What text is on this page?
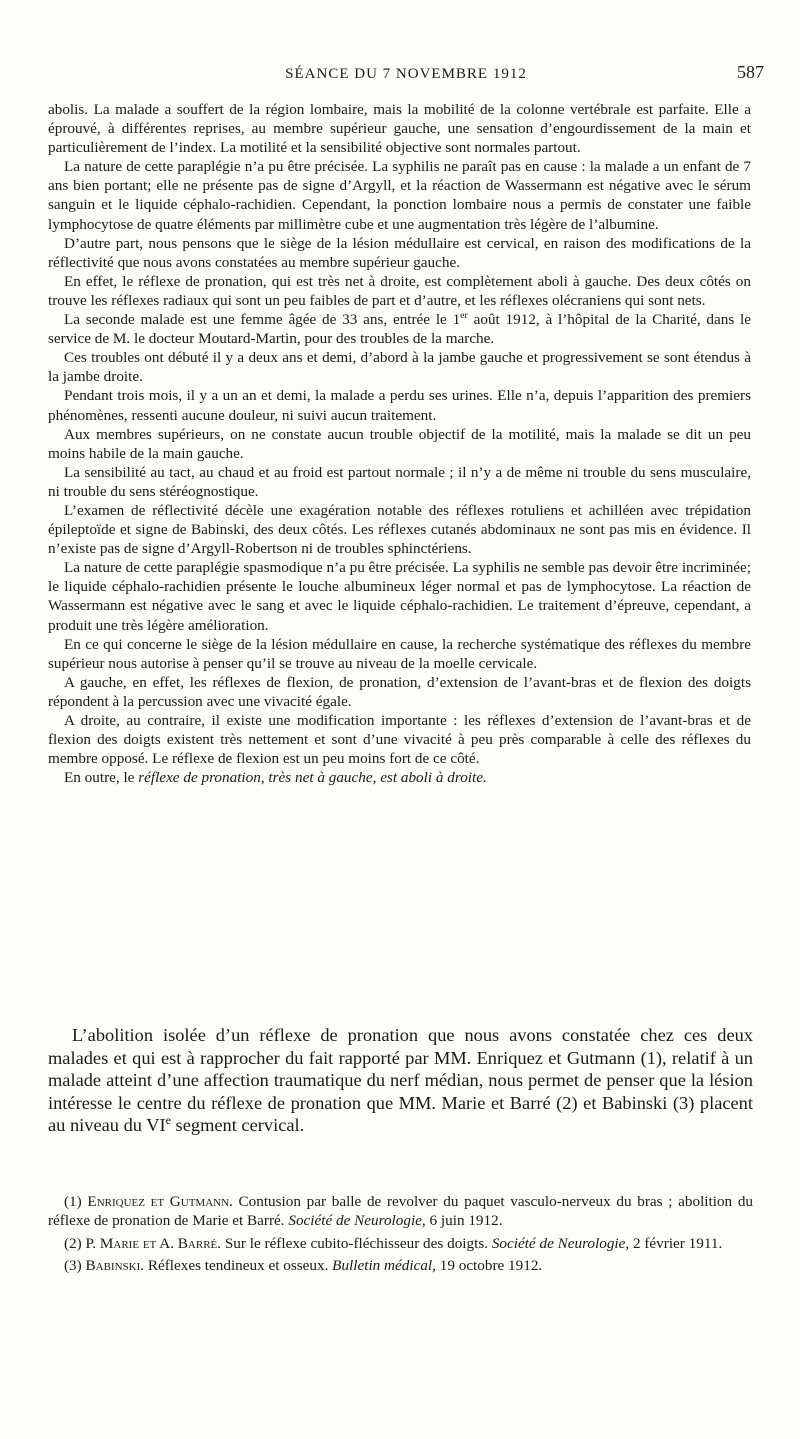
SÉANCE DU 7 NOVEMBRE 1912	587

abolis. La malade a souffert de la région lombaire, mais la mobilité de la colonne vertébrale est parfaite. Elle a éprouvé, à différentes reprises, au membre supérieur gauche, une sensation d’engourdissement de la main et particulièrement de l’index. La motilité et la sensibilité objective sont normales partout.

La nature de cette paraplégie n’a pu être précisée. La syphilis ne paraît pas en cause : la malade a un enfant de 7 ans bien portant; elle ne présente pas de signe d’Argyll, et la réaction de Wassermann est négative avec le sérum sanguin et le liquide céphalo-rachidien. Cependant, la ponction lombaire nous a permis de constater une faible lymphocytose de quatre éléments par millimètre cube et une augmentation très légère de l’albumine.

D’autre part, nous pensons que le siège de la lésion médullaire est cervical, en raison des modifications de la réflectivité que nous avons constatées au membre supérieur gauche.

En effet, le réflexe de pronation, qui est très net à droite, est complètement aboli à gauche. Des deux côtés on trouve les réflexes radiaux qui sont un peu faibles de part et d’autre, et les réflexes olécraniens qui sont nets.

La seconde malade est une femme âgée de 33 ans, entrée le 1er août 1912, à l’hôpital de la Charité, dans le service de M. le docteur Moutard-Martin, pour des troubles de la marche.

Ces troubles ont débuté il y a deux ans et demi, d’abord à la jambe gauche et progressivement se sont étendus à la jambe droite.

Pendant trois mois, il y a un an et demi, la malade a perdu ses urines. Elle n’a, depuis l’apparition des premiers phénomènes, ressenti aucune douleur, ni suivi aucun traitement.

Aux membres supérieurs, on ne constate aucun trouble objectif de la motilité, mais la malade se dit un peu moins habile de la main gauche.

La sensibilité au tact, au chaud et au froid est partout normale ; il n’y a de même ni trouble du sens musculaire, ni trouble du sens stéréognostique.

L’examen de réflectivité décèle une exagération notable des réflexes rotuliens et achilléen avec trépidation épileptoïde et signe de Babinski, des deux côtés. Les réflexes cutanés abdominaux ne sont pas mis en évidence. Il n’existe pas de signe d’Argyll-Robertson ni de troubles sphinctériens.

La nature de cette paraplégie spasmodique n’a pu être précisée. La syphilis ne semble pas devoir être incriminée; le liquide céphalo-rachidien présente le louche albumineux léger normal et pas de lymphocytose. La réaction de Wassermann est négative avec le sang et avec le liquide céphalo-rachidien. Le traitement d’épreuve, cependant, a produit une très légère amélioration.

En ce qui concerne le siège de la lésion médullaire en cause, la recherche systématique des réflexes du membre supérieur nous autorise à penser qu’il se trouve au niveau de la moelle cervicale.

A gauche, en effet, les réflexes de flexion, de pronation, d’extension de l’avant-bras et de flexion des doigts répondent à la percussion avec une vivacité égale.

A droite, au contraire, il existe une modification importante : les réflexes d’extension de l’avant-bras et de flexion des doigts existent très nettement et sont d’une vivacité à peu près comparable à celle des réflexes du membre opposé. Le réflexe de flexion est un peu moins fort de ce côté.

En outre, le réflexe de pronation, très net à gauche, est aboli à droite.

L’abolition isolée d’un réflexe de pronation que nous avons constatée chez ces deux malades et qui est à rapprocher du fait rapporté par MM. Enriquez et Gutmann (1), relatif à un malade atteint d’une affection traumatique du nerf médian, nous permet de penser que la lésion intéresse le centre du réflexe de pronation que MM. Marie et Barré (2) et Babinski (3) placent au niveau du VIe segment cervical.

(1) Enriquez et Gutmann. Contusion par balle de revolver du paquet vasculo-nerveux du bras ; abolition du réflexe de pronation de Marie et Barré. Société de Neurologie, 6 juin 1912.

(2) P. Marie et A. Barré. Sur le réflexe cubito-fléchisseur des doigts. Société de Neurologie, 2 février 1911.

(3) Babinski. Réflexes tendineux et osseux. Bulletin médical, 19 octobre 1912.
